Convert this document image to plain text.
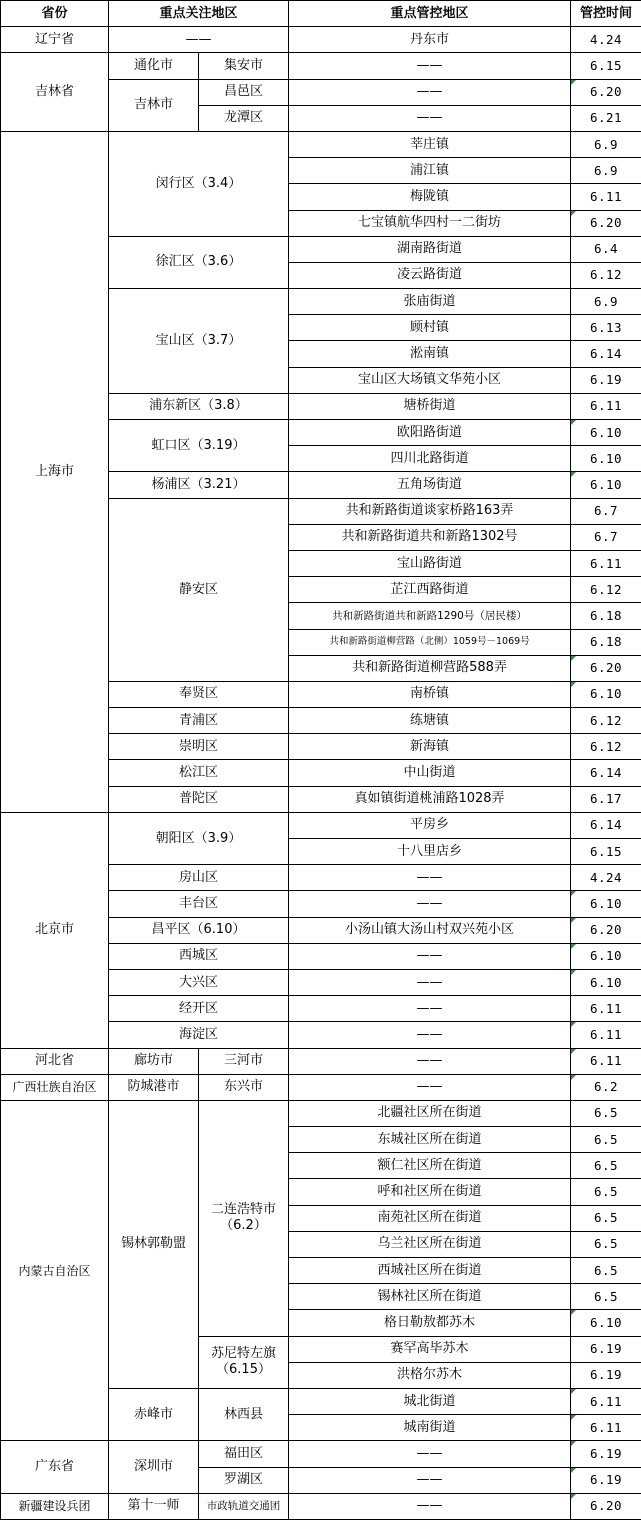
省份	重点关注地区		重点管控地区	管控时间
辽宁省	——		丹东市	4.24
吉林省	通化市	集安市	——	6.15
	吉林市	昌邑区	——	6.20
		龙潭区	——	6.21
上海市	闵行区（3.4）		莘庄镇	6.9
			浦江镇	6.9
			梅陇镇	6.11
			七宝镇航华四村一二街坊	6.20
	徐汇区（3.6）		湖南路街道	6.4
			凌云路街道	6.12
	宝山区（3.7）		张庙街道	6.9
			顾村镇	6.13
			淞南镇	6.14
			宝山区大场镇文华苑小区	6.19
	浦东新区（3.8）		塘桥街道	6.11
	虹口区（3.19）		欧阳路街道	6.10
			四川北路街道	6.10
	杨浦区（3.21）		五角场街道	6.10
	静安区		共和新路街道谈家桥路163弄	6.7
			共和新路街道共和新路1302号	6.7
			宝山路街道	6.11
			芷江西路街道	6.12
			共和新路街道共和新路1290号（居民楼）	6.18
			共和新路街道柳营路（北侧）1059号－1069号	6.18
			共和新路街道柳营路588弄	6.20
	奉贤区		南桥镇	6.10
	青浦区		练塘镇	6.12
	崇明区		新海镇	6.12
	松江区		中山街道	6.14
	普陀区		真如镇街道桃浦路1028弄	6.17
北京市	朝阳区（3.9）		平房乡	6.14
			十八里店乡	6.15
	房山区		——	4.24
	丰台区		——	6.10
	昌平区（6.10）		小汤山镇大汤山村双兴苑小区	6.20
	西城区		——	6.10
	大兴区		——	6.10
	经开区		——	6.11
	海淀区		——	6.11
河北省	廊坊市	三河市	——	6.11
广西壮族自治区	防城港市	东兴市	——	6.2
内蒙古自治区	锡林郭勒盟	二连浩特市（6.2）	北疆社区所在街道	6.5
			东城社区所在街道	6.5
			额仁社区所在街道	6.5
			呼和社区所在街道	6.5
			南苑社区所在街道	6.5
			乌兰社区所在街道	6.5
			西城社区所在街道	6.5
			锡林社区所在街道	6.5
			格日勒敖都苏木	6.10
		苏尼特左旗（6.15）	赛罕高毕苏木	6.19
			洪格尔苏木	6.19
	赤峰市	林西县	城北街道	6.11
			城南街道	6.11
广东省	深圳市	福田区	——	6.19
		罗湖区	——	6.19
新疆建设兵团	第十一师	市政轨道交通团	——	6.20
